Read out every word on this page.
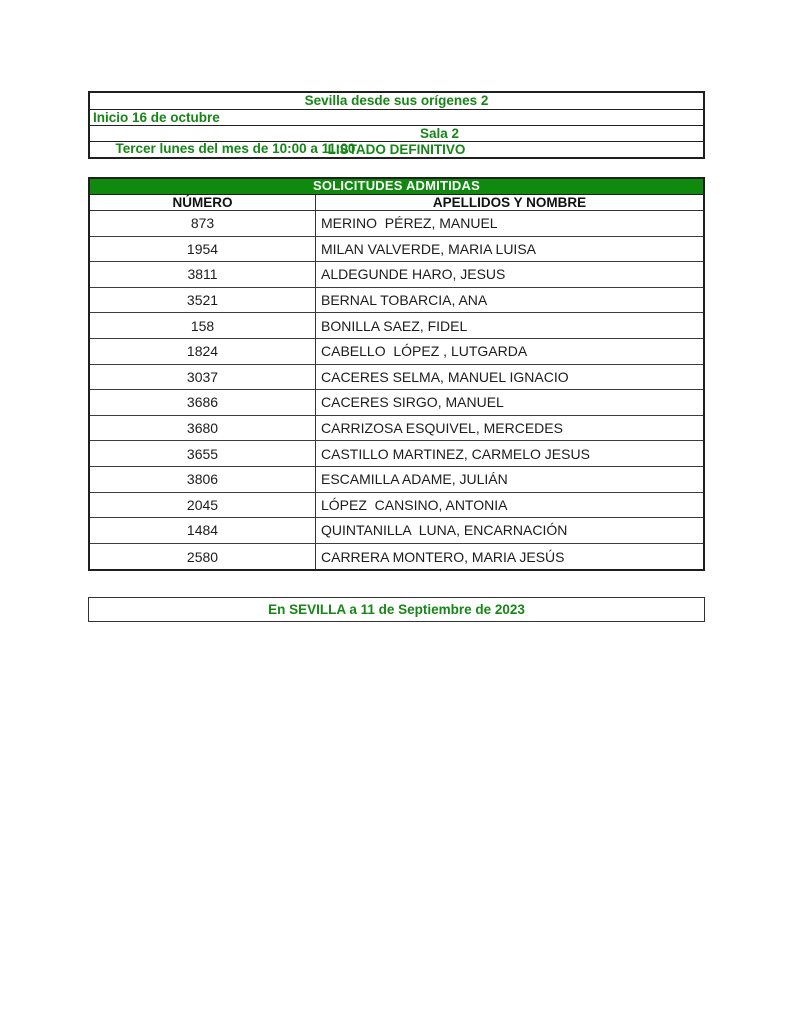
Sevilla desde sus orígenes 2
Inicio 16 de octubre

Tercer lunes del mes de 10:00 a 11:00

Sala 2

LISTADO DEFINITIVO
SOLICITUDES ADMITIDAS
NÚMERO	APELLIDOS Y NOMBRE
873	MERINO  PÉREZ, MANUEL
1954	MILAN VALVERDE, MARIA LUISA
3811	ALDEGUNDE HARO, JESUS
3521	BERNAL TOBARCIA, ANA
158	BONILLA SAEZ, FIDEL
1824	CABELLO  LÓPEZ , LUTGARDA
3037	CACERES SELMA, MANUEL IGNACIO
3686	CACERES SIRGO, MANUEL
3680	CARRIZOSA ESQUIVEL, MERCEDES
3655	CASTILLO MARTINEZ, CARMELO JESUS
3806	ESCAMILLA ADAME, JULIÁN
2045	LÓPEZ  CANSINO, ANTONIA
1484	QUINTANILLA  LUNA, ENCARNACIÓN
2580	CARRERA MONTERO, MARIA JESÚS
En SEVILLA a 11 de Septiembre de 2023
